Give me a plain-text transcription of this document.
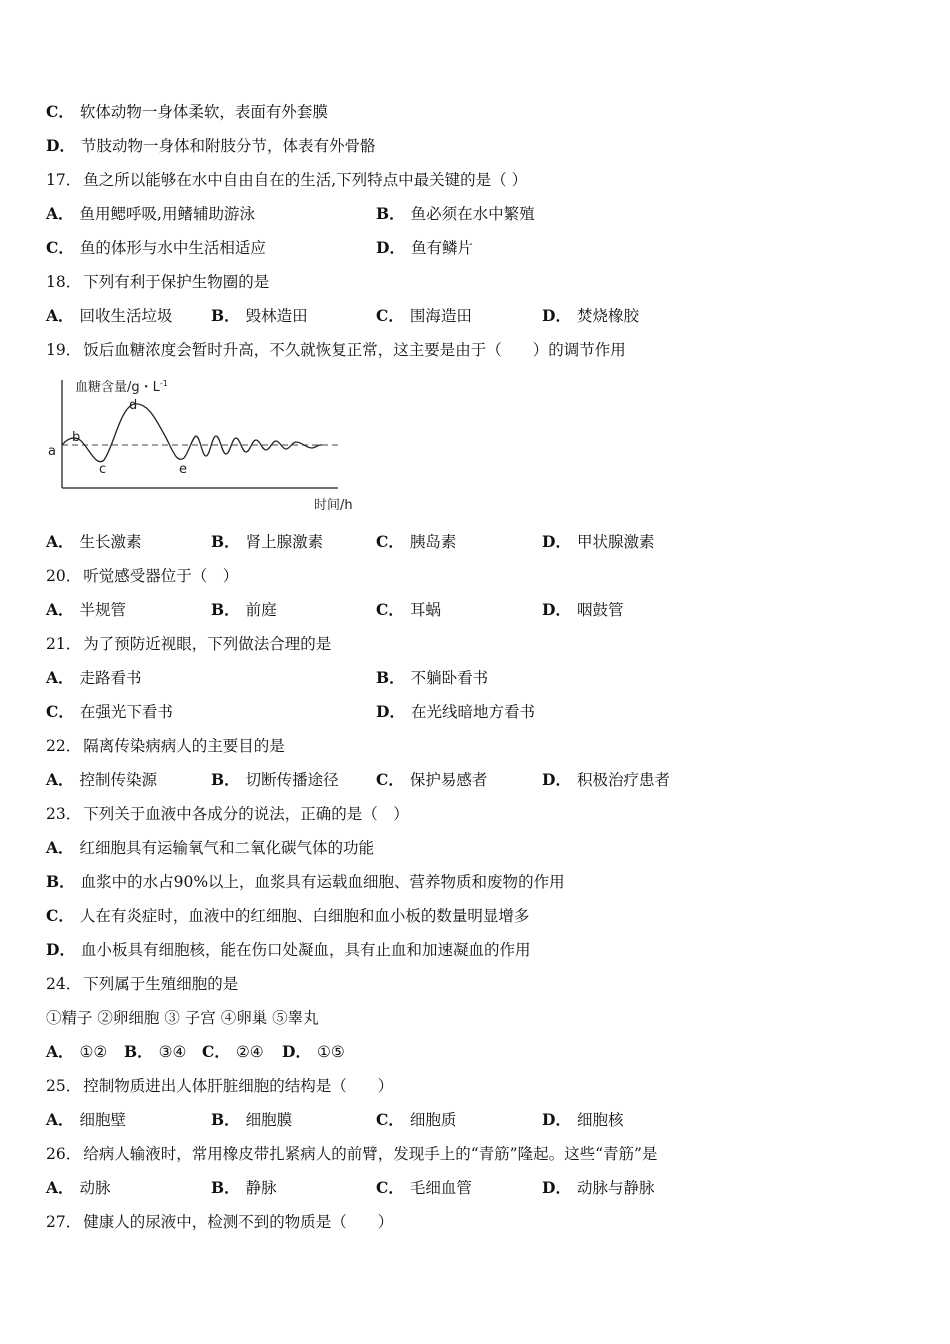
C． 软体动物一身体柔软，表面有外套膜
D． 节肢动物一身体和附肢分节，体表有外骨骼
17． 鱼之所以能够在水中自由自在的生活,下列特点中最关键的是（ ）
A． 鱼用鳃呼吸,用鳍辅助游泳	B． 鱼必须在水中繁殖
C． 鱼的体形与水中生活相适应	D． 鱼有鳞片
18． 下列有利于保护生物圈的是
A． 回收生活垃圾 B． 毁林造田	C． 围海造田	D． 焚烧橡胶
19． 饭后血糖浓度会暂时升高，不久就恢复正常，这主要是由于（　　）的调节作用
血糖含量/g・$L^{-1}$
时间/h
a
b
c
d
e
A． 生长激素	B． 肾上腺激素	C． 胰岛素	D． 甲状腺激素
20． 听觉感受器位于（　）
A． 半规管	B． 前庭	C． 耳蜗	D． 咽鼓管
21． 为了预防近视眼，下列做法合理的是
A． 走路看书	B． 不躺卧看书
C． 在强光下看书	D． 在光线暗地方看书
22． 隔离传染病病人的主要目的是
A． 控制传染源	B． 切断传播途径 C． 保护易感者	D． 积极治疗患者
23． 下列关于血液中各成分的说法，正确的是（　）
A． 红细胞具有运输氧气和二氧化碳气体的功能
B． 血浆中的水占90%以上，血浆具有运载血细胞、营养物质和废物的作用
C． 人在有炎症时，血液中的红细胞、白细胞和血小板的数量明显增多
D． 血小板具有细胞核，能在伤口处凝血，具有止血和加速凝血的作用
24． 下列属于生殖细胞的是
①精子 ②卵细胞 ③ 子宫 ④卵巢 ⑤睾丸
A． ①② B． ③④ C． ②④ D． ①⑤
25． 控制物质进出人体肝脏细胞的结构是（　　）
A． 细胞壁	B． 细胞膜	C． 细胞质	D． 细胞核
26． 给病人输液时，常用橡皮带扎紧病人的前臂，发现手上的“青筋”隆起。这些“青筋”是
A． 动脉	B． 静脉	C． 毛细血管	D． 动脉与静脉
27． 健康人的尿液中，检测不到的物质是（　　）
